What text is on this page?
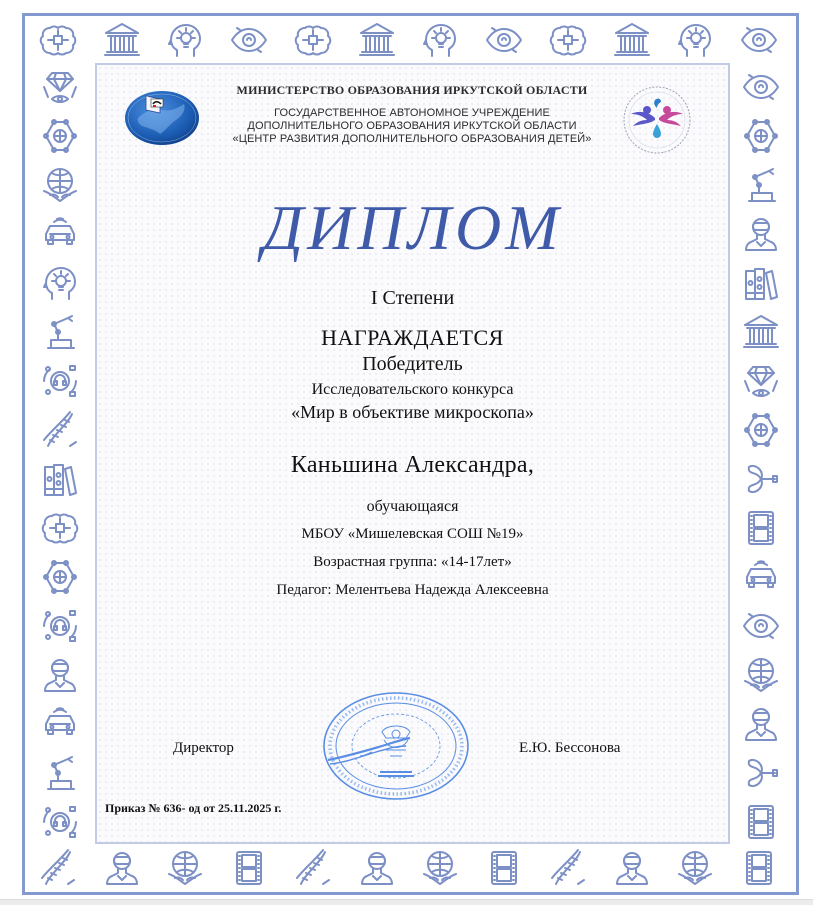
МИНИСТЕРСТВО ОБРАЗОВАНИЯ ИРКУТСКОЙ ОБЛАСТИ
ГОСУДАРСТВЕННОЕ АВТОНОМНОЕ УЧРЕЖДЕНИЕ
ДОПОЛНИТЕЛЬНОГО ОБРАЗОВАНИЯ ИРКУТСКОЙ ОБЛАСТИ
«ЦЕНТР РАЗВИТИЯ ДОПОЛНИТЕЛЬНОГО ОБРАЗОВАНИЯ ДЕТЕЙ»
ДИПЛОМ
I Степени
НАГРАЖДАЕТСЯ
Победитель
Исследовательского конкурса
«Мир в объективе микроскопа»
Каньшина Александра,
обучающаяся
МБОУ «Мишелевская СОШ №19»
Возрастная группа: «14-17лет»
Педагог: Мелентьева Надежда Алексеевна
Директор	Е.Ю. Бессонова
Приказ № 636- од от 25.11.2025 г.
